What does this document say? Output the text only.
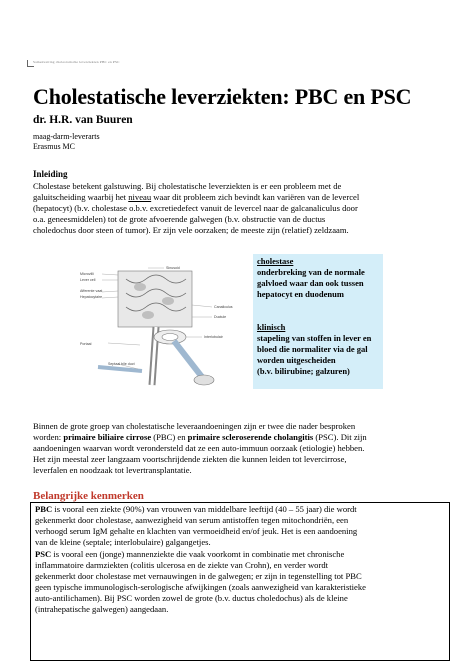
Samenvatting cholestatische leverziekten PBC en PSC
Cholestatische leverziekten: PBC en PSC
dr. H.R. van Buuren
maag-darm-leverarts
Erasmus MC
Inleiding
Cholestase betekent galstuwing. Bij cholestatische leverziekten is er een probleem met de
galuitscheiding waarbij het niveau waar dit probleem zich bevindt kan variëren van de levercel
(hepatocyt) (b.v. cholestase o.b.v. excretiedefect vanuit de levercel naar de galcanaliculus door
o.a. geneesmiddelen) tot de grote afvoerende galwegen (b.v. obstructie van de ductus
choledochus door steen of tumor). Er zijn vele oorzaken; de meeste zijn (relatief) zeldzaam.
Microvilli
Lever cell
Afferente vaat
Hepatocytaire
Canaliculus
Ductule
Interlobulair
Septaal bile duct
Sinusoid
Portaal
cholestase
onderbreking van de normale
galvloed waar dan ook tussen
hepatocyt en duodenum
klinisch
stapeling van stoffen in lever en
bloed die normaliter via de gal
worden uitgescheiden
(b.v. bilirubine; galzuren)
Binnen de grote groep van cholestatische leveraandoeningen zijn er twee die nader besproken
worden: primaire biliaire cirrose (PBC) en primaire scleroserende cholangitis (PSC). Dit zijn
aandoeningen waarvan wordt verondersteld dat ze een auto-immuun oorzaak (etiologie) hebben.
Het zijn meestal zeer langzaam voortschrijdende ziekten die kunnen leiden tot levercirrose,
leverfalen en noodzaak tot levertransplantatie.
Belangrijke kenmerken
PBC is vooral een ziekte (90%) van vrouwen van middelbare leeftijd (40 – 55 jaar) die wordt
gekenmerkt door cholestase, aanwezigheid van serum antistoffen tegen mitochondriën, een
verhoogd serum IgM gehalte en klachten van vermoeidheid en/of jeuk. Het is een aandoening
van de kleine (septale; interlobulaire) galgangetjes.
PSC is vooral een (jonge) mannenziekte die vaak voorkomt in combinatie met chronische
inflammatoire darmziekten (colitis ulcerosa en de ziekte van Crohn), en verder wordt
gekenmerkt door cholestase met vernauwingen in de galwegen; er zijn in tegenstelling tot PBC
geen typische immunologisch-serologische afwijkingen (zoals aanwezigheid van karakteristieke
auto-antilichamen). Bij PSC worden zowel de grote (b.v. ductus choledochus) als de kleine
(intrahepatische galwegen) aangedaan.
